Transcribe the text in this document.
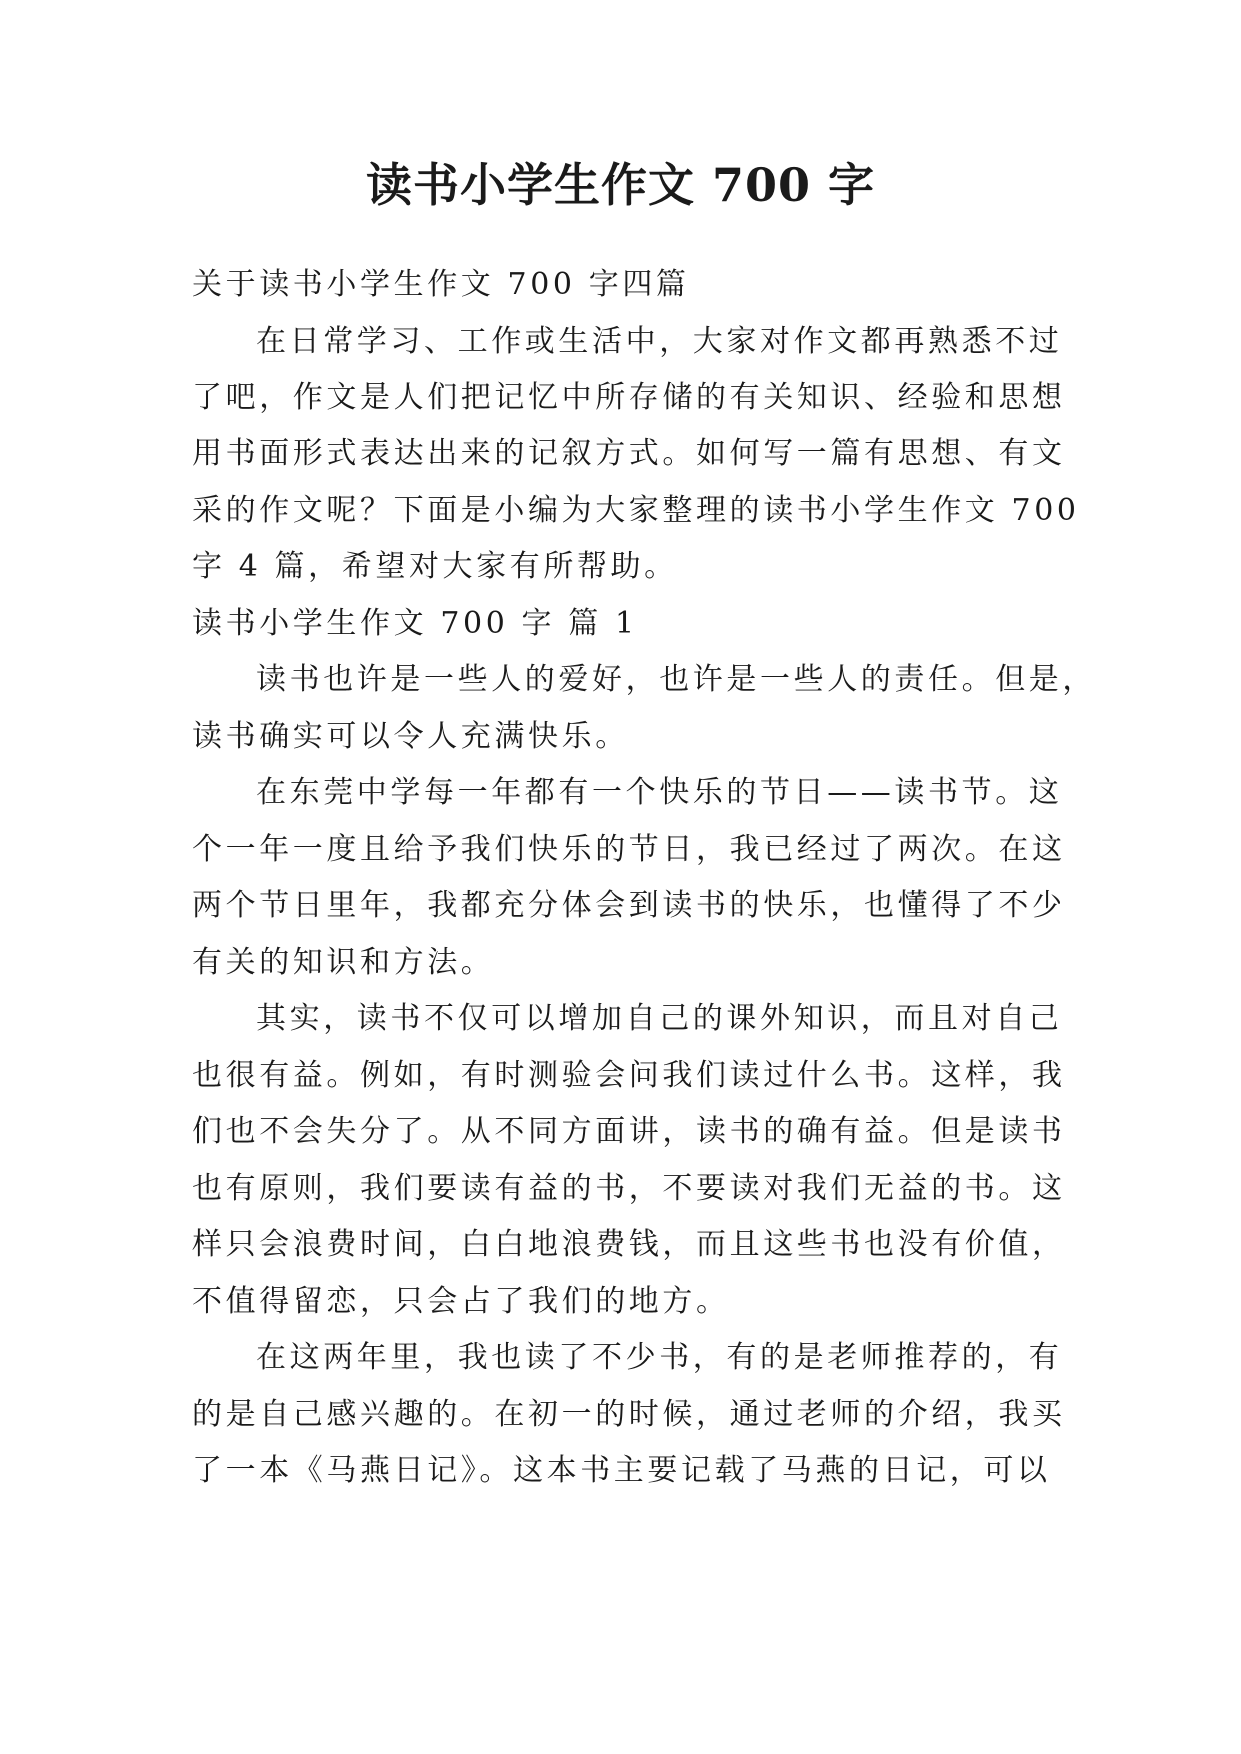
读书小学生作文 700 字

关于读书小学生作文 700 字四篇

在日常学习、工作或生活中，大家对作文都再熟悉不过

了吧，作文是人们把记忆中所存储的有关知识、经验和思想

用书面形式表达出来的记叙方式。如何写一篇有思想、有文

采的作文呢？下面是小编为大家整理的读书小学生作文 700

字 4 篇，希望对大家有所帮助。

读书小学生作文 700 字 篇 1

读书也许是一些人的爱好，也许是一些人的责任。但是，

读书确实可以令人充满快乐。

在东莞中学每一年都有一个快乐的节日——读书节。这

个一年一度且给予我们快乐的节日，我已经过了两次。在这

两个节日里年，我都充分体会到读书的快乐，也懂得了不少

有关的知识和方法。

其实，读书不仅可以增加自己的课外知识，而且对自己

也很有益。例如，有时测验会问我们读过什么书。这样，我

们也不会失分了。从不同方面讲，读书的确有益。但是读书

也有原则，我们要读有益的书，不要读对我们无益的书。这

样只会浪费时间，白白地浪费钱，而且这些书也没有价值，

不值得留恋，只会占了我们的地方。

在这两年里，我也读了不少书，有的是老师推荐的，有

的是自己感兴趣的。在初一的时候，通过老师的介绍，我买

了一本《马燕日记》。这本书主要记载了马燕的日记，可以
